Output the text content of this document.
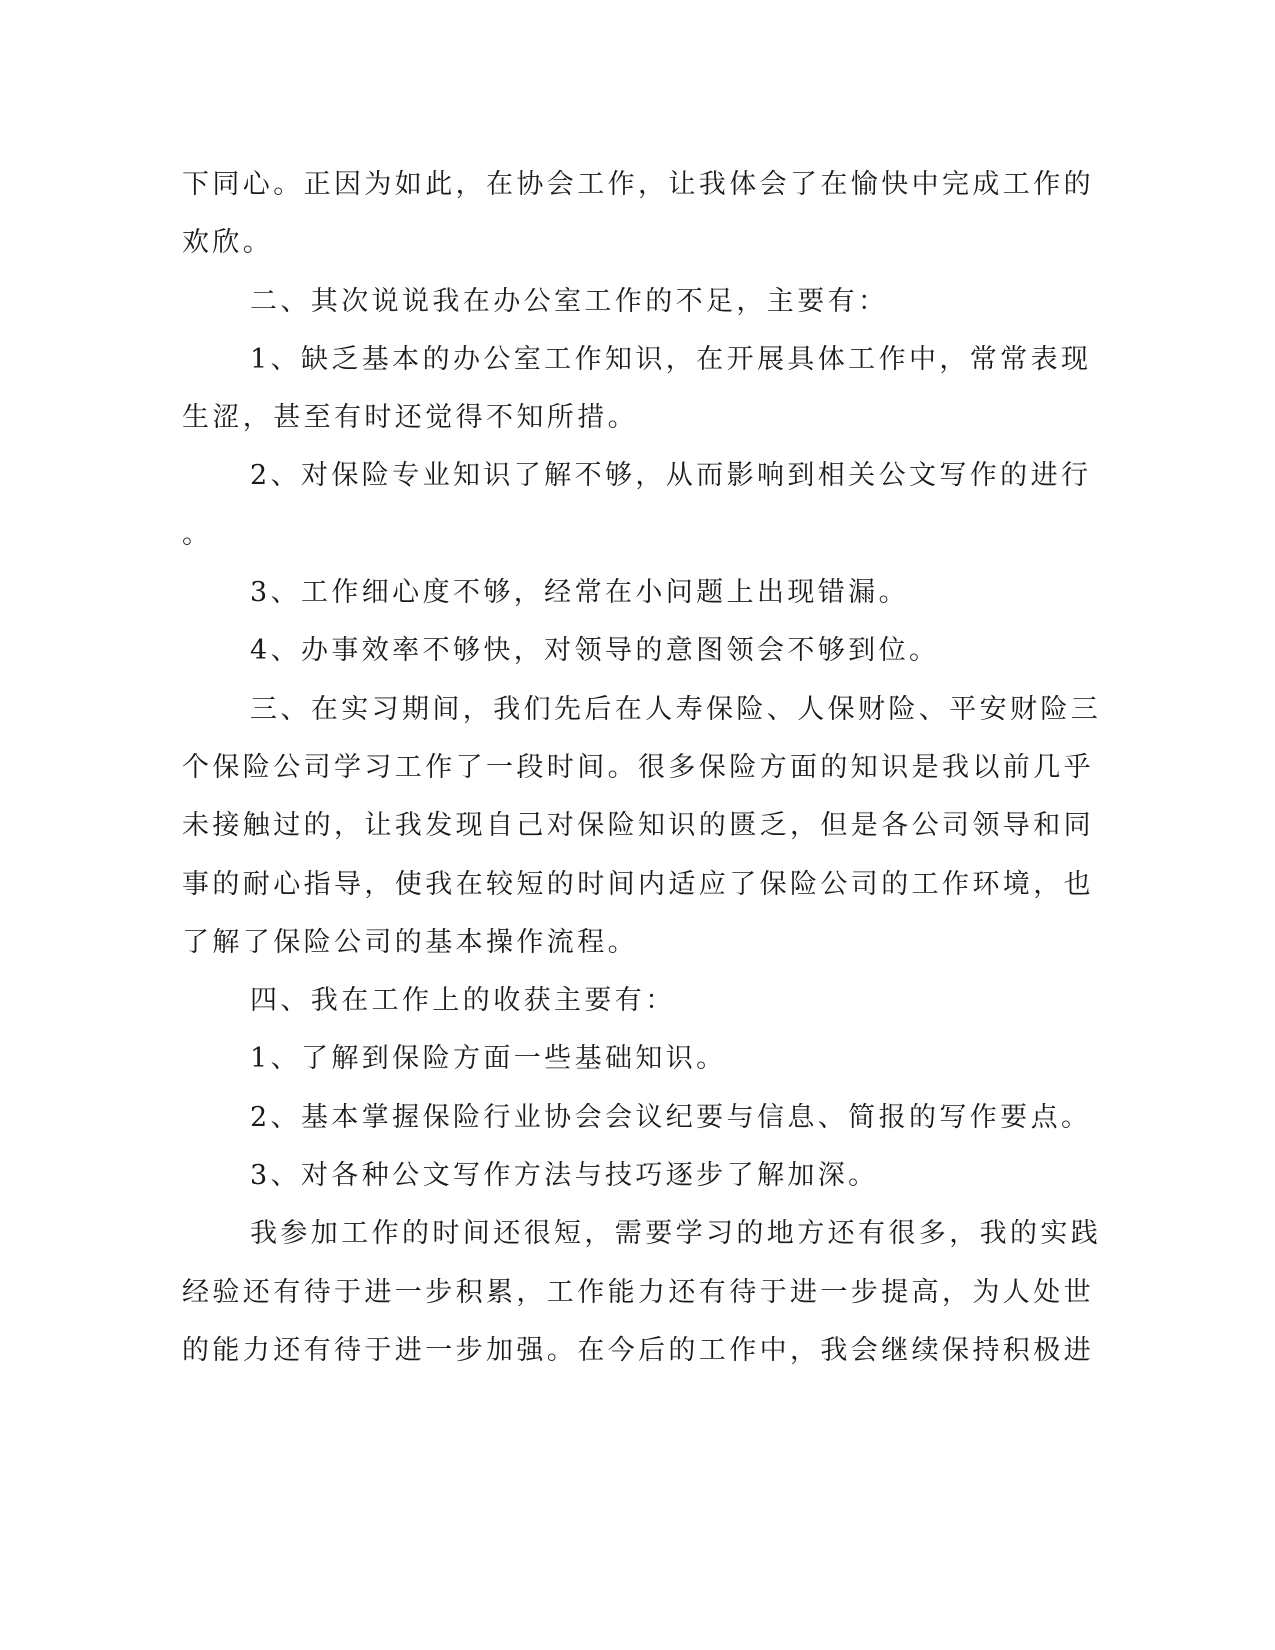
下同心。正因为如此，在协会工作，让我体会了在愉快中完成工作的
欢欣。
二、其次说说我在办公室工作的不足，主要有：
1、缺乏基本的办公室工作知识，在开展具体工作中，常常表现
生涩，甚至有时还觉得不知所措。
2、对保险专业知识了解不够，从而影响到相关公文写作的进行
。
3、工作细心度不够，经常在小问题上出现错漏。
4、办事效率不够快，对领导的意图领会不够到位。
三、在实习期间，我们先后在人寿保险、人保财险、平安财险三
个保险公司学习工作了一段时间。很多保险方面的知识是我以前几乎
未接触过的，让我发现自己对保险知识的匮乏，但是各公司领导和同
事的耐心指导，使我在较短的时间内适应了保险公司的工作环境，也
了解了保险公司的基本操作流程。
四、我在工作上的收获主要有：
1、了解到保险方面一些基础知识。
2、基本掌握保险行业协会会议纪要与信息、简报的写作要点。
3、对各种公文写作方法与技巧逐步了解加深。
我参加工作的时间还很短，需要学习的地方还有很多，我的实践
经验还有待于进一步积累，工作能力还有待于进一步提高，为人处世
的能力还有待于进一步加强。在今后的工作中，我会继续保持积极进
